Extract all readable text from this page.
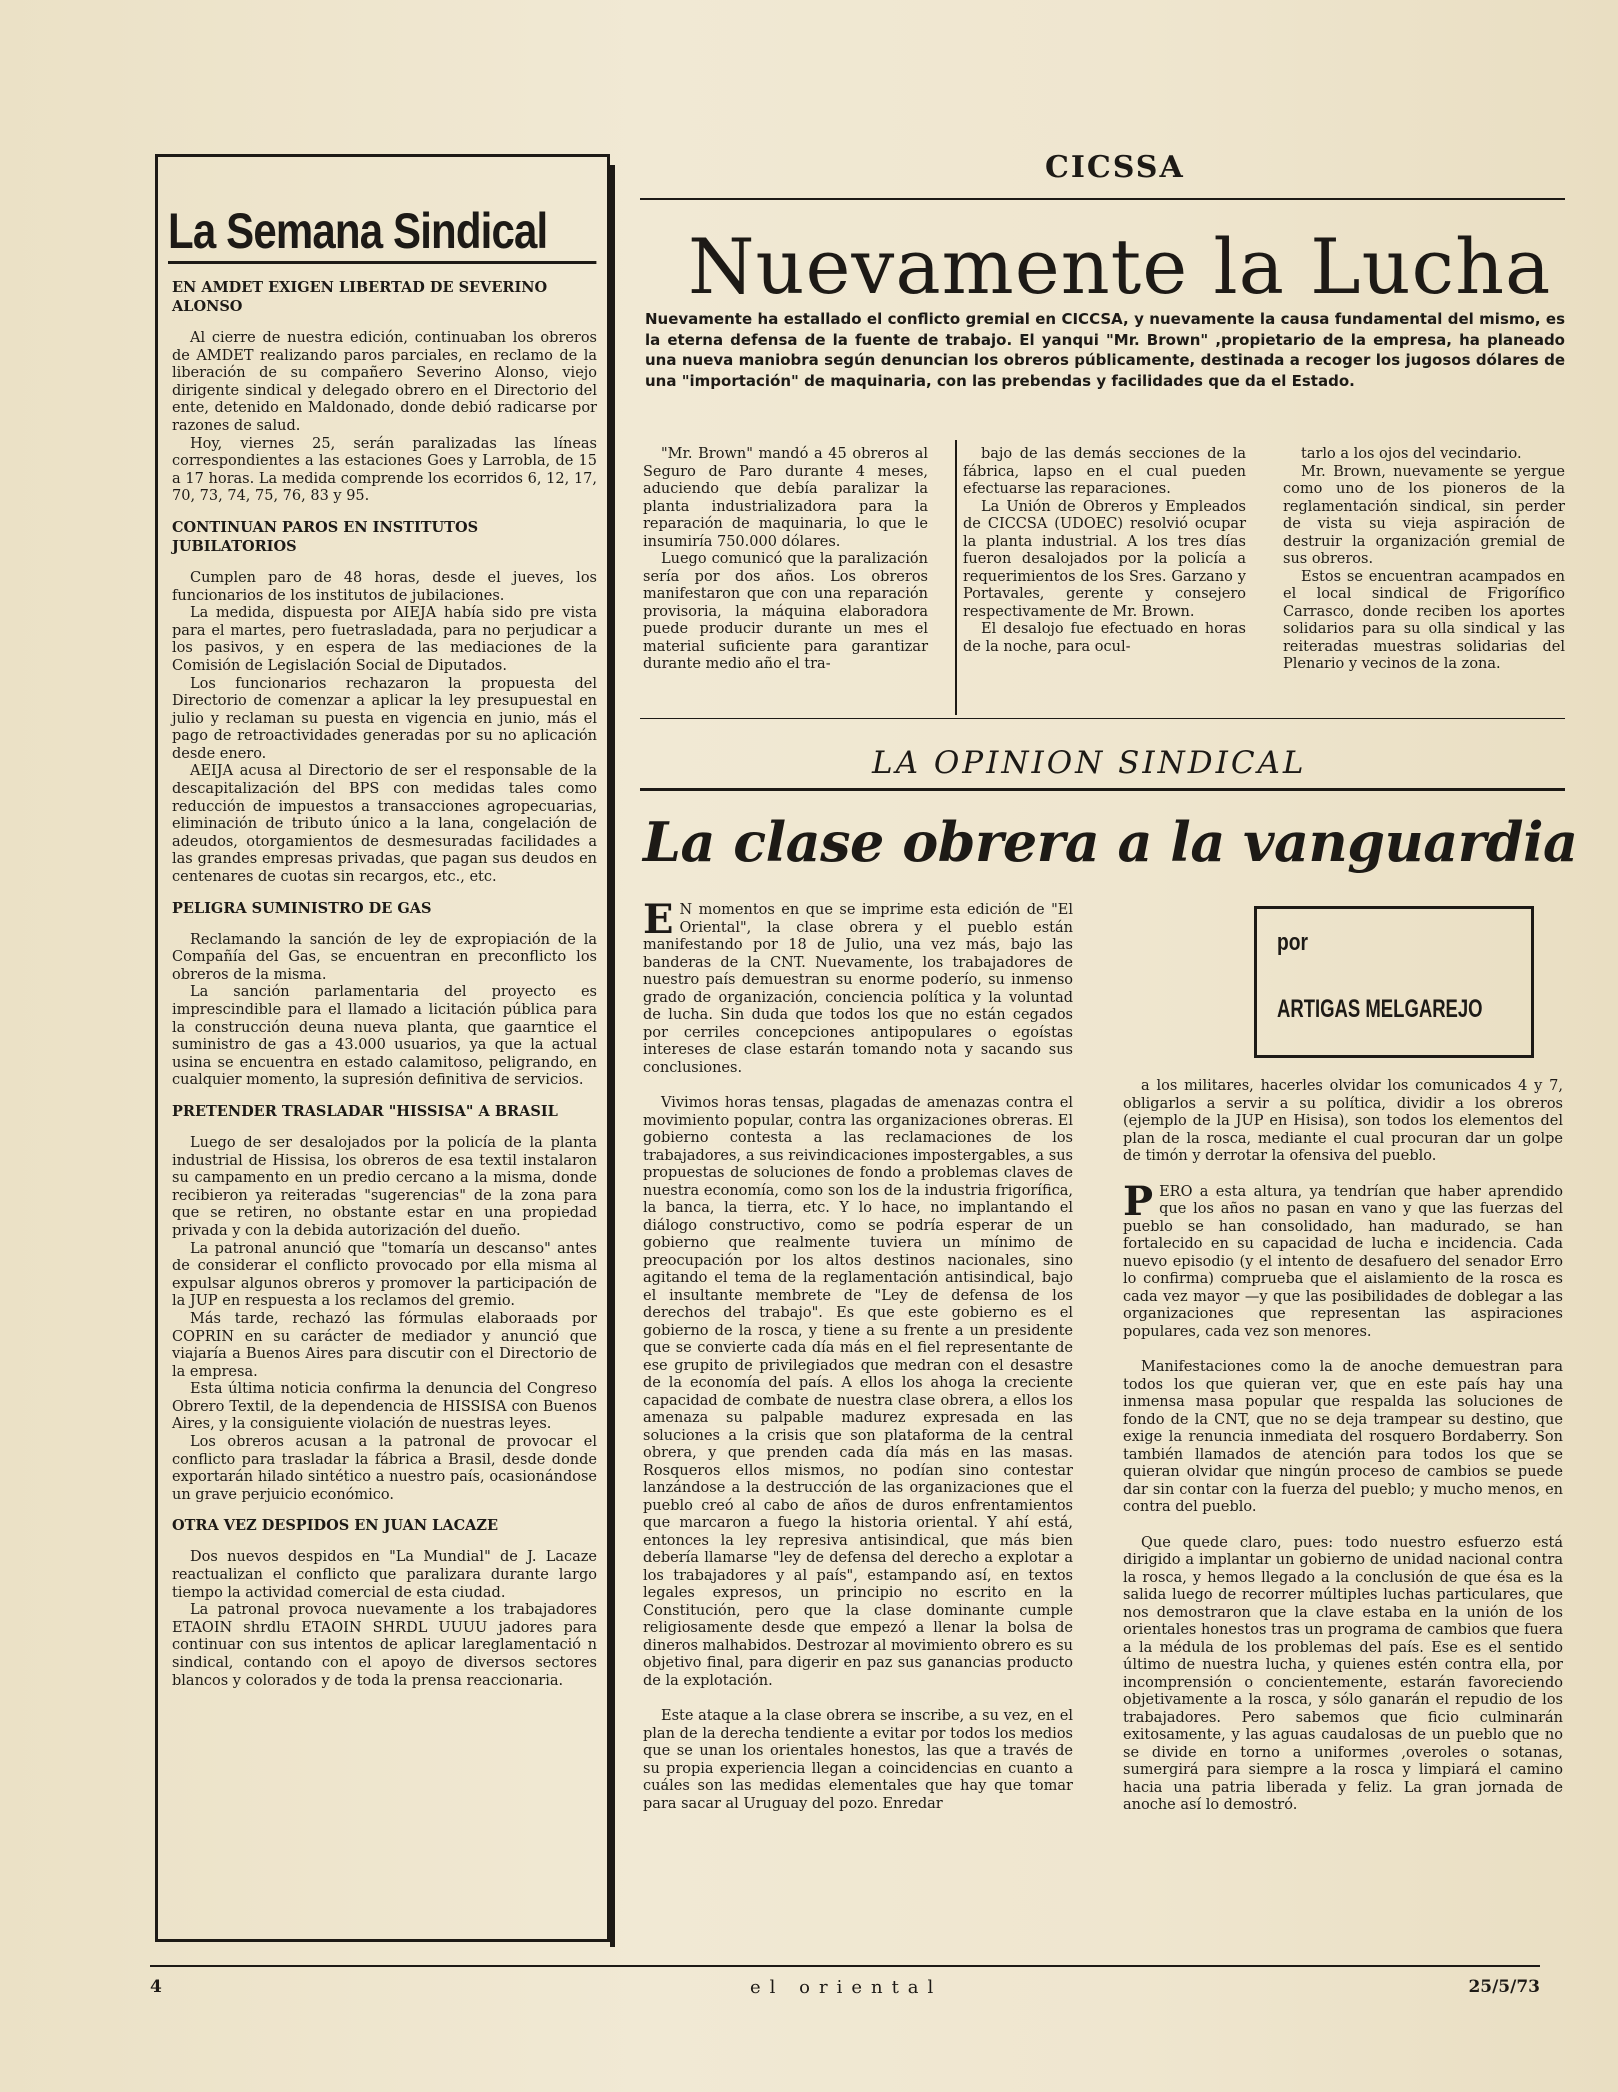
La Semana Sindical
EN AMDET EXIGEN LIBERTAD DE SEVERINO ALONSO

Al cierre de nuestra edición, continuaban los obreros de AMDET realizando paros parciales, en reclamo de la liberación de su compañero Severino Alonso, viejo dirigente sindical y delegado obrero en el Directorio del ente, detenido en Maldonado, donde debió radicarse por razones de salud.

Hoy, viernes 25, serán paralizadas las líneas correspondientes a las estaciones Goes y Larrobla, de 15 a 17 horas. La medida comprende los ecorridos 6, 12, 17, 70, 73, 74, 75, 76, 83 y 95.

CONTINUAN PAROS EN INSTITUTOS JUBILATORIOS

Cumplen paro de 48 horas, desde el jueves, los funcionarios de los institutos de jubilaciones.

La medida, dispuesta por AIEJA había sido pre vista para el martes, pero fuetrasladada, para no perjudicar a los pasivos, y en espera de las mediaciones de la Comisión de Legislación Social de Diputados.

Los funcionarios rechazaron la propuesta del Directorio de comenzar a aplicar la ley presupuestal en julio y reclaman su puesta en vigencia en junio, más el pago de retroactividades generadas por su no aplicación desde enero.

AEIJA acusa al Directorio de ser el responsable de la descapitalización del BPS con medidas tales como reducción de impuestos a transacciones agropecuarias, eliminación de tributo único a la lana, congelación de adeudos, otorgamientos de desmesuradas facilidades a las grandes empresas privadas, que pagan sus deudos en centenares de cuotas sin recargos, etc., etc.

PELIGRA SUMINISTRO DE GAS

Reclamando la sanción de ley de expropiación de la Compañía del Gas, se encuentran en preconflicto los obreros de la misma.

La sanción parlamentaria del proyecto es imprescindible para el llamado a licitación pública para la construcción deuna nueva planta, que gaarntice el suministro de gas a 43.000 usuarios, ya que la actual usina se encuentra en estado calamitoso, peligrando, en cualquier momento, la supresión definitiva de servicios.

PRETENDER TRASLADAR "HISSISA" A BRASIL

Luego de ser desalojados por la policía de la planta industrial de Hissisa, los obreros de esa textil instalaron su campamento en un predio cercano a la misma, donde recibieron ya reiteradas "sugerencias" de la zona para que se retiren, no obstante estar en una propiedad privada y con la debida autorización del dueño.

La patronal anunció que "tomaría un descanso" antes de considerar el conflicto provocado por ella misma al expulsar algunos obreros y promover la participación de la JUP en respuesta a los reclamos del gremio.

Más tarde, rechazó las fórmulas elaboraads por COPRIN en su carácter de mediador y anunció que viajaría a Buenos Aires para discutir con el Directorio de la empresa.

Esta última noticia confirma la denuncia del Congreso Obrero Textil, de la dependencia de HISSISA con Buenos Aires, y la consiguiente violación de nuestras leyes.

Los obreros acusan a la patronal de provocar el conflicto para trasladar la fábrica a Brasil, desde donde exportarán hilado sintético a nuestro país, ocasionándose un grave perjuicio económico.

OTRA VEZ DESPIDOS EN JUAN LACAZE

Dos nuevos despidos en "La Mundial" de J. Lacaze reactualizan el conflicto que paralizara durante largo tiempo la actividad comercial de esta ciudad.

La patronal provoca nuevamente a los trabajadores ETAOIN shrdlu ETAOIN SHRDL UUUU jadores para continuar con sus intentos de aplicar lareglamentació n sindical, contando con el apoyo de diversos sectores blancos y colorados y de toda la prensa reaccionaria.

CICSSA
Nuevamente la Lucha

Nuevamente ha estallado el conflicto gremial en CICCSA, y nuevamente la causa fundamental del mismo, es la eterna defensa de la fuente de trabajo. El yanqui "Mr. Brown" ,propietario de la empresa, ha planeado una nueva maniobra según denuncian los obreros públicamente, destinada a recoger los jugosos dólares de una "importación" de maquinaria, con las prebendas y facilidades que da el Estado.

"Mr. Brown" mandó a 45 obreros al Seguro de Paro durante 4 meses, aduciendo que debía paralizar la planta industrializadora para la reparación de maquinaria, lo que le insumiría 750.000 dólares.

Luego comunicó que la paralización sería por dos años. Los obreros manifestaron que con una reparación provisoria, la máquina elaboradora puede producir durante un mes el material suficiente para garantizar durante medio año el tra-

bajo de las demás secciones de la fábrica, lapso en el cual pueden efectuarse las reparaciones.

La Unión de Obreros y Empleados de CICCSA (UDOEC) resolvió ocupar la planta industrial. A los tres días fueron desalojados por la policía a requerimientos de los Sres. Garzano y Portavales, gerente y consejero respectivamente de Mr. Brown.

El desalojo fue efectuado en horas de la noche, para ocul-

tarlo a los ojos del vecindario.

Mr. Brown, nuevamente se yergue como uno de los pioneros de la reglamentación sindical, sin perder de vista su vieja aspiración de destruir la organización gremial de sus obreros.

Estos se encuentran acampados en el local sindical de Frigorífico Carrasco, donde reciben los aportes solidarios para su olla sindical y las reiteradas muestras solidarias del Plenario y vecinos de la zona.

LA OPINION SINDICAL
La clase obrera a la vanguardia
por
ARTIGAS MELGAREJO

E N momentos en que se imprime esta edición de "El Oriental", la clase obrera y el pueblo están manifestando por 18 de Julio, una vez más, bajo las banderas de la CNT. Nuevamente, los trabajadores de nuestro país demuestran su enorme poderío, su inmenso grado de organización, conciencia política y la voluntad de lucha. Sin duda que todos los que no están cegados por cerriles concepciones antipopulares o egoístas intereses de clase estarán tomando nota y sacando sus conclusiones.

Vivimos horas tensas, plagadas de amenazas contra el movimiento popular, contra las organizaciones obreras. El gobierno contesta a las reclamaciones de los trabajadores, a sus reivindicaciones impostergables, a sus propuestas de soluciones de fondo a problemas claves de nuestra economía, como son los de la industria frigorífica, la banca, la tierra, etc. Y lo hace, no implantando el diálogo constructivo, como se podría esperar de un gobierno que realmente tuviera un mínimo de preocupación por los altos destinos nacionales, sino agitando el tema de la reglamentación antisindical, bajo el insultante membrete de "Ley de defensa de los derechos del trabajo". Es que este gobierno es el gobierno de la rosca, y tiene a su frente a un presidente que se convierte cada día más en el fiel representante de ese grupito de privilegiados que medran con el desastre de la economía del país. A ellos los ahoga la creciente capacidad de combate de nuestra clase obrera, a ellos los amenaza su palpable madurez expresada en las soluciones a la crisis que son plataforma de la central obrera, y que prenden cada día más en las masas. Rosqueros ellos mismos, no podían sino contestar lanzándose a la destrucción de las organizaciones que el pueblo creó al cabo de años de duros enfrentamientos que marcaron a fuego la historia oriental. Y ahí está, entonces la ley represiva antisindical, que más bien debería llamarse "ley de defensa del derecho a explotar a los trabajadores y al país", estampando así, en textos legales expresos, un principio no escrito en la Constitución, pero que la clase dominante cumple religiosamente desde que empezó a llenar la bolsa de dineros malhabidos. Destrozar al movimiento obrero es su objetivo final, para digerir en paz sus ganancias producto de la explotación.

Este ataque a la clase obrera se inscribe, a su vez, en el plan de la derecha tendiente a evitar por todos los medios que se unan los orientales honestos, las que a través de su propia experiencia llegan a coincidencias en cuanto a cuáles son las medidas elementales que hay que tomar para sacar al Uruguay del pozo. Enredar

a los militares, hacerles olvidar los comunicados 4 y 7, obligarlos a servir a su política, dividir a los obreros (ejemplo de la JUP en Hisisa), son todos los elementos del plan de la rosca, mediante el cual procuran dar un golpe de timón y derrotar la ofensiva del pueblo.

PERO a esta altura, ya tendrían que haber aprendido que los años no pasan en vano y que las fuerzas del pueblo se han consolidado, han madurado, se han fortalecido en su capacidad de lucha e incidencia. Cada nuevo episodio (y el intento de desafuero del senador Erro lo confirma) comprueba que el aislamiento de la rosca es cada vez mayor —y que las posibilidades de doblegar a las organizaciones que representan las aspiraciones populares, cada vez son menores.

Manifestaciones como la de anoche demuestran para todos los que quieran ver, que en este país hay una inmensa masa popular que respalda las soluciones de fondo de la CNT, que no se deja trampear su destino, que exige la renuncia inmediata del rosquero Bordaberry. Son también llamados de atención para todos los que se quieran olvidar que ningún proceso de cambios se puede dar sin contar con la fuerza del pueblo; y mucho menos, en contra del pueblo.

Que quede claro, pues: todo nuestro esfuerzo está dirigido a implantar un gobierno de unidad nacional contra la rosca, y hemos llegado a la conclusión de que ésa es la salida luego de recorrer múltiples luchas particulares, que nos demostraron que la clave estaba en la unión de los orientales honestos tras un programa de cambios que fuera a la médula de los problemas del país. Ese es el sentido último de nuestra lucha, y quienes estén contra ella, por incomprensión o concientemente, estarán favoreciendo objetivamente a la rosca, y sólo ganarán el repudio de los trabajadores. Pero sabemos que ficio culminarán exitosamente, y las aguas caudalosas de un pueblo que no se divide en torno a uniformes ,overoles o sotanas, sumergirá para siempre a la rosca y limpiará el camino hacia una patria liberada y feliz. La gran jornada de anoche así lo demostró.

4	el oriental	25/5/73
